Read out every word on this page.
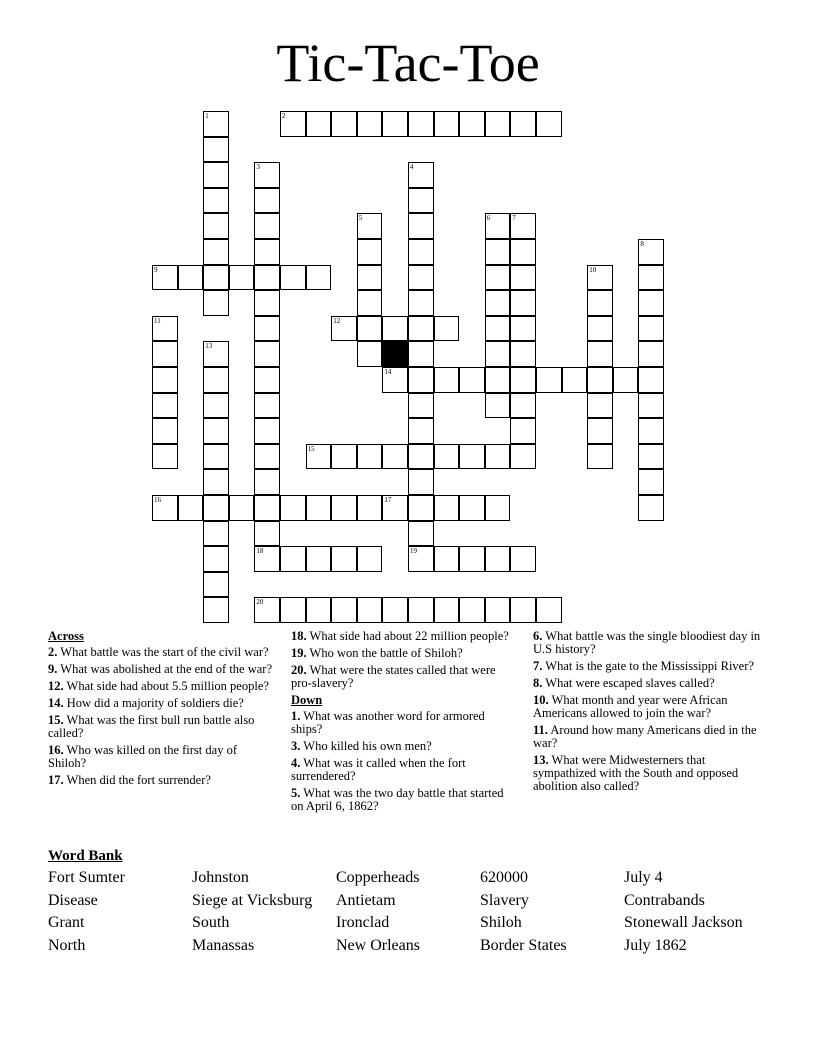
Tic-Tac-Toe
2
1
3
18
4
19
5	6	7
8
9	10
11	12
13
14
15
16	17
20
Across
2. What battle was the start of the civil war?
9. What was abolished at the end of the war?
12. What side had about 5.5 million people?
14. How did a majority of soldiers die?
15. What was the first bull run battle also called?
16. Who was killed on the first day of Shiloh?
17. When did the fort surrender?
18. What side had about 22 million people?
19. Who won the battle of Shiloh?
20. What were the states called that were pro-slavery?
Down
1. What was another word for armored ships?
3. Who killed his own men?
4. What was it called when the fort surrendered?
5. What was the two day battle that started on April 6, 1862?
6. What battle was the single bloodiest day in U.S history?
7. What is the gate to the Mississippi River?
8. What were escaped slaves called?
10. What month and year were African Americans allowed to join the war?
11. Around how many Americans died in the war?
13. What were Midwesterners that sympathized with the South and opposed abolition also called?
Word Bank
Fort Sumter	Johnston	Copperheads	620000	July 4
Disease	Siege at Vicksburg	Antietam	Slavery	Contrabands
Grant	South	Ironclad	Shiloh	Stonewall Jackson
North	Manassas	New Orleans	Border States	July 1862
